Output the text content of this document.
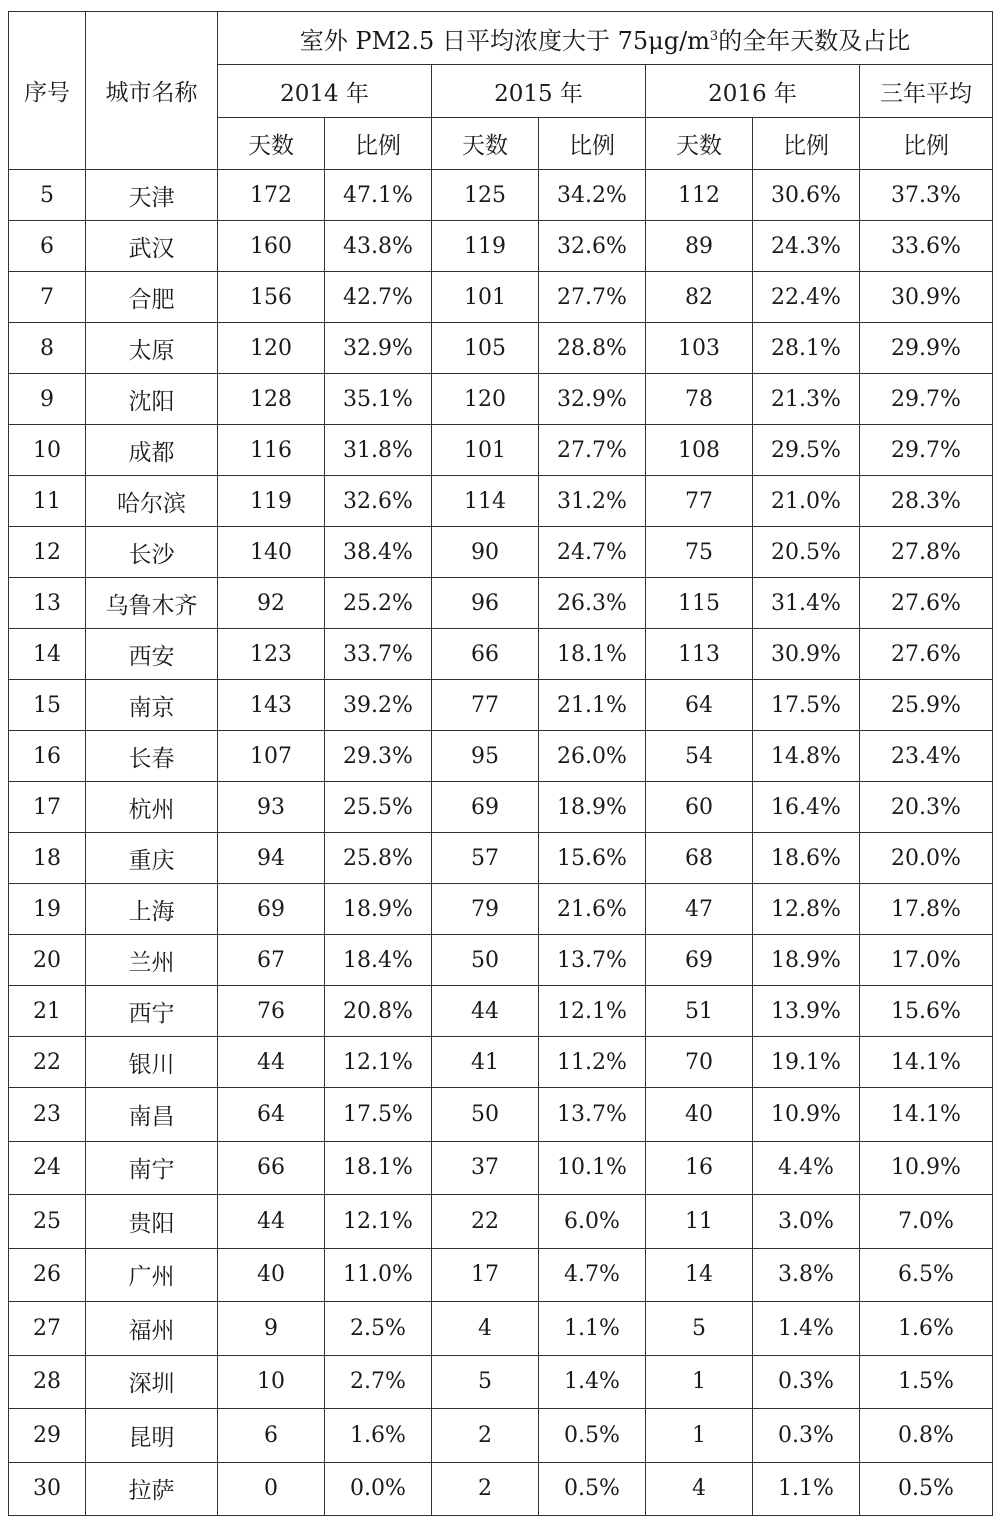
序号	城市名称	室外 PM2.5 日平均浓度大于 $75\mu g/m^3$的全年天数及占比						
		2014 年		2015 年		2016 年		三年平均
		天数	比例	天数	比例	天数	比例	比例
5	天津	172	47.1%	125	34.2%	112	30.6%	37.3%
6	武汉	160	43.8%	119	32.6%	89	24.3%	33.6%
7	合肥	156	42.7%	101	27.7%	82	22.4%	30.9%
8	太原	120	32.9%	105	28.8%	103	28.1%	29.9%
9	沈阳	128	35.1%	120	32.9%	78	21.3%	29.7%
10	成都	116	31.8%	101	27.7%	108	29.5%	29.7%
11	哈尔滨	119	32.6%	114	31.2%	77	21.0%	28.3%
12	长沙	140	38.4%	90	24.7%	75	20.5%	27.8%
13	乌鲁木齐	92	25.2%	96	26.3%	115	31.4%	27.6%
14	西安	123	33.7%	66	18.1%	113	30.9%	27.6%
15	南京	143	39.2%	77	21.1%	64	17.5%	25.9%
16	长春	107	29.3%	95	26.0%	54	14.8%	23.4%
17	杭州	93	25.5%	69	18.9%	60	16.4%	20.3%
18	重庆	94	25.8%	57	15.6%	68	18.6%	20.0%
19	上海	69	18.9%	79	21.6%	47	12.8%	17.8%
20	兰州	67	18.4%	50	13.7%	69	18.9%	17.0%
21	西宁	76	20.8%	44	12.1%	51	13.9%	15.6%
22	银川	44	12.1%	41	11.2%	70	19.1%	14.1%
23	南昌	64	17.5%	50	13.7%	40	10.9%	14.1%
24	南宁	66	18.1%	37	10.1%	16	4.4%	10.9%
25	贵阳	44	12.1%	22	6.0%	11	3.0%	7.0%
26	广州	40	11.0%	17	4.7%	14	3.8%	6.5%
27	福州	9	2.5%	4	1.1%	5	1.4%	1.6%
28	深圳	10	2.7%	5	1.4%	1	0.3%	1.5%
29	昆明	6	1.6%	2	0.5%	1	0.3%	0.8%
30	拉萨	0	0.0%	2	0.5%	4	1.1%	0.5%
